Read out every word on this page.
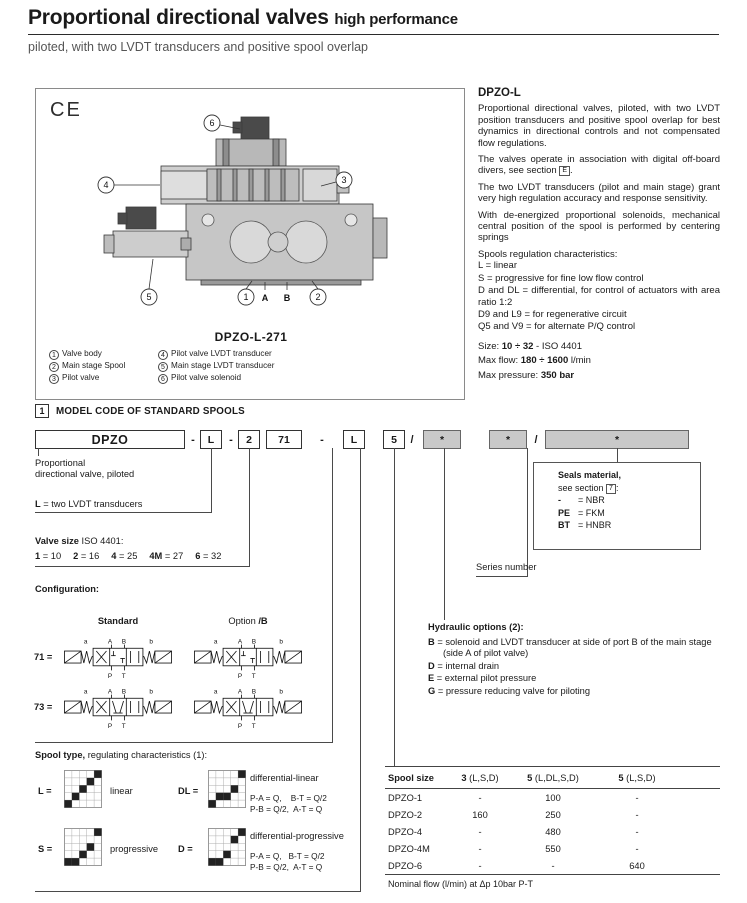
Proportional directional valves high performance
piloted, with two LVDT transducers and positive spool overlap
CE
1	2
3
4
5
6
A B
DPZO-L-271
1 Valve body
2 Main stage Spool
3 Pilot valve
4 Pilot valve LVDT transducer
5 Main stage LVDT transducer
6 Pilot valve solenoid
DPZO-L

Proportional directional valves, piloted, with two LVDT position transducers and positive spool overlap for best dynamics in directional controls and not compensated flow regulations.

The valves operate in association with digital off-board divers, see section E .

The two LVDT transducers (pilot and main stage) grant very high regulation accuracy and response sensitivity.

With de-energized proportional solenoids, mechanical central position of the spool is performed by centering springs

Spools regulation characteristics:
L = linear
S = progressive for fine low flow control
D and DL = differential, for control of actuators with area ratio 1:2
D9 and L9 = for regenerative circuit
Q5 and V9 = for alternate P/Q control
Size: 10 ÷ 32 - ISO 4401
Max flow: 180 ÷ 1600 l/min
Max pressure: 350 bar
1	MODEL CODE OF STANDARD SPOOLS
DPZO	-	L	-	2	71	-	L	5	/	*	*	/	*
Proportional
directional valve, piloted
L = two LVDT transducers
Valve size ISO 4401:
1 = 10 2 = 16 4 = 25 4M = 27 6 = 32
Configuration:
Standard	Option /B
71 =
73 =
Spool type, regulating characteristics (1):
L =	linear	DL =
differential-linear
P-A = Q,    B-T = Q/2
P-B = Q/2,  A-T = Q
S =	progressive D =
differential-progressive
P-A = Q,   B-T = Q/2
P-B = Q/2,  A-T = Q
Seals material,
see section 7 :
- = NBR
PE = FKM
BT = HNBR
Series number
Hydraulic options (2):
B = solenoid and LVDT transducer at side of port B of the main stage (side A of pilot valve)
D = internal drain
E = external pilot pressure
G = pressure reducing valve for piloting
Spool size	3 (L,S,D)	5 (L,DL,S,D)	5 (L,S,D)
DPZO-1	-	100	-
DPZO-2	160	250	-
DPZO-4	-	480	-
DPZO-4M	-	550	-
DPZO-6	-	-	640
Nominal flow (l/min) at Δp 10bar P-T
